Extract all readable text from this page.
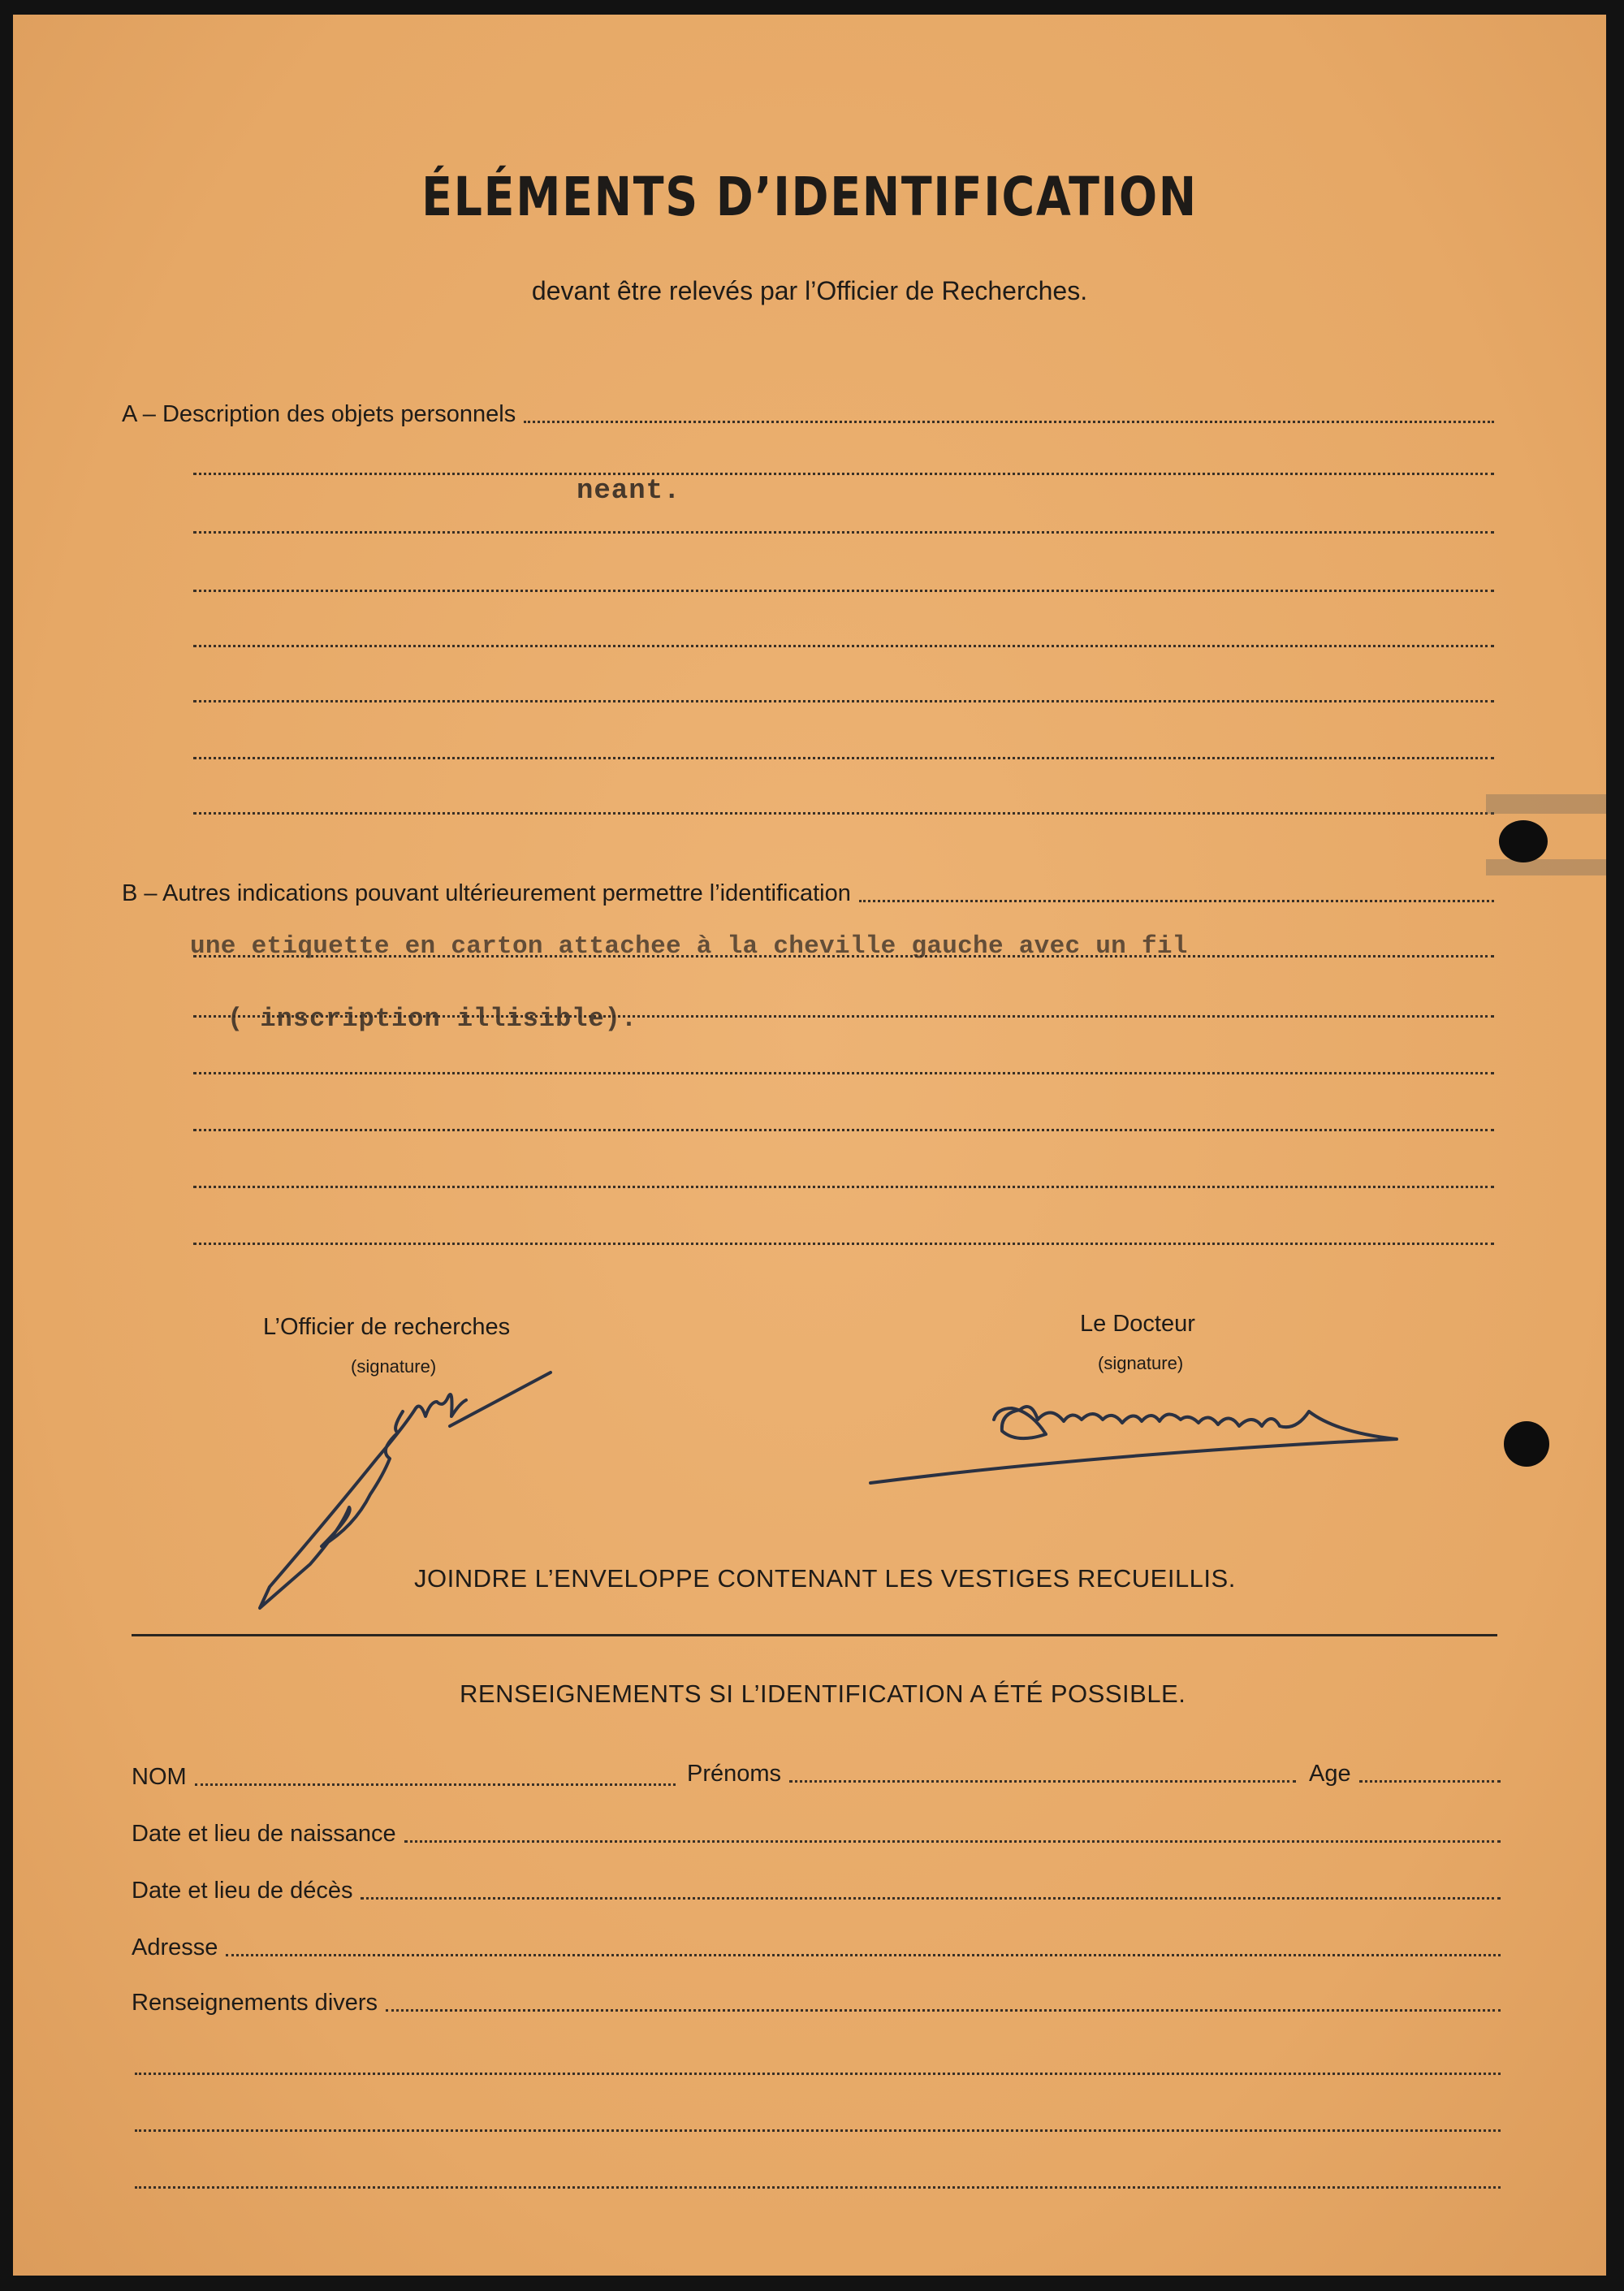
ÉLÉMENTS D’IDENTIFICATION
devant être relevés par l’Officier de Recherches.
A – Description des objets personnels
neant.
B – Autres indications pouvant ultérieurement permettre l’identification
une etiquette en carton attachee à la cheville gauche avec un fil
( inscription illisible).
L’Officier de recherches
(signature)
Le Docteur
(signature)
JOINDRE L’ENVELOPPE CONTENANT LES VESTIGES RECUEILLIS.
RENSEIGNEMENTS SI L’IDENTIFICATION A ÉTÉ POSSIBLE.
NOM	Prénoms	Age
Date et lieu de naissance
Date et lieu de décès
Adresse
Renseignements divers
